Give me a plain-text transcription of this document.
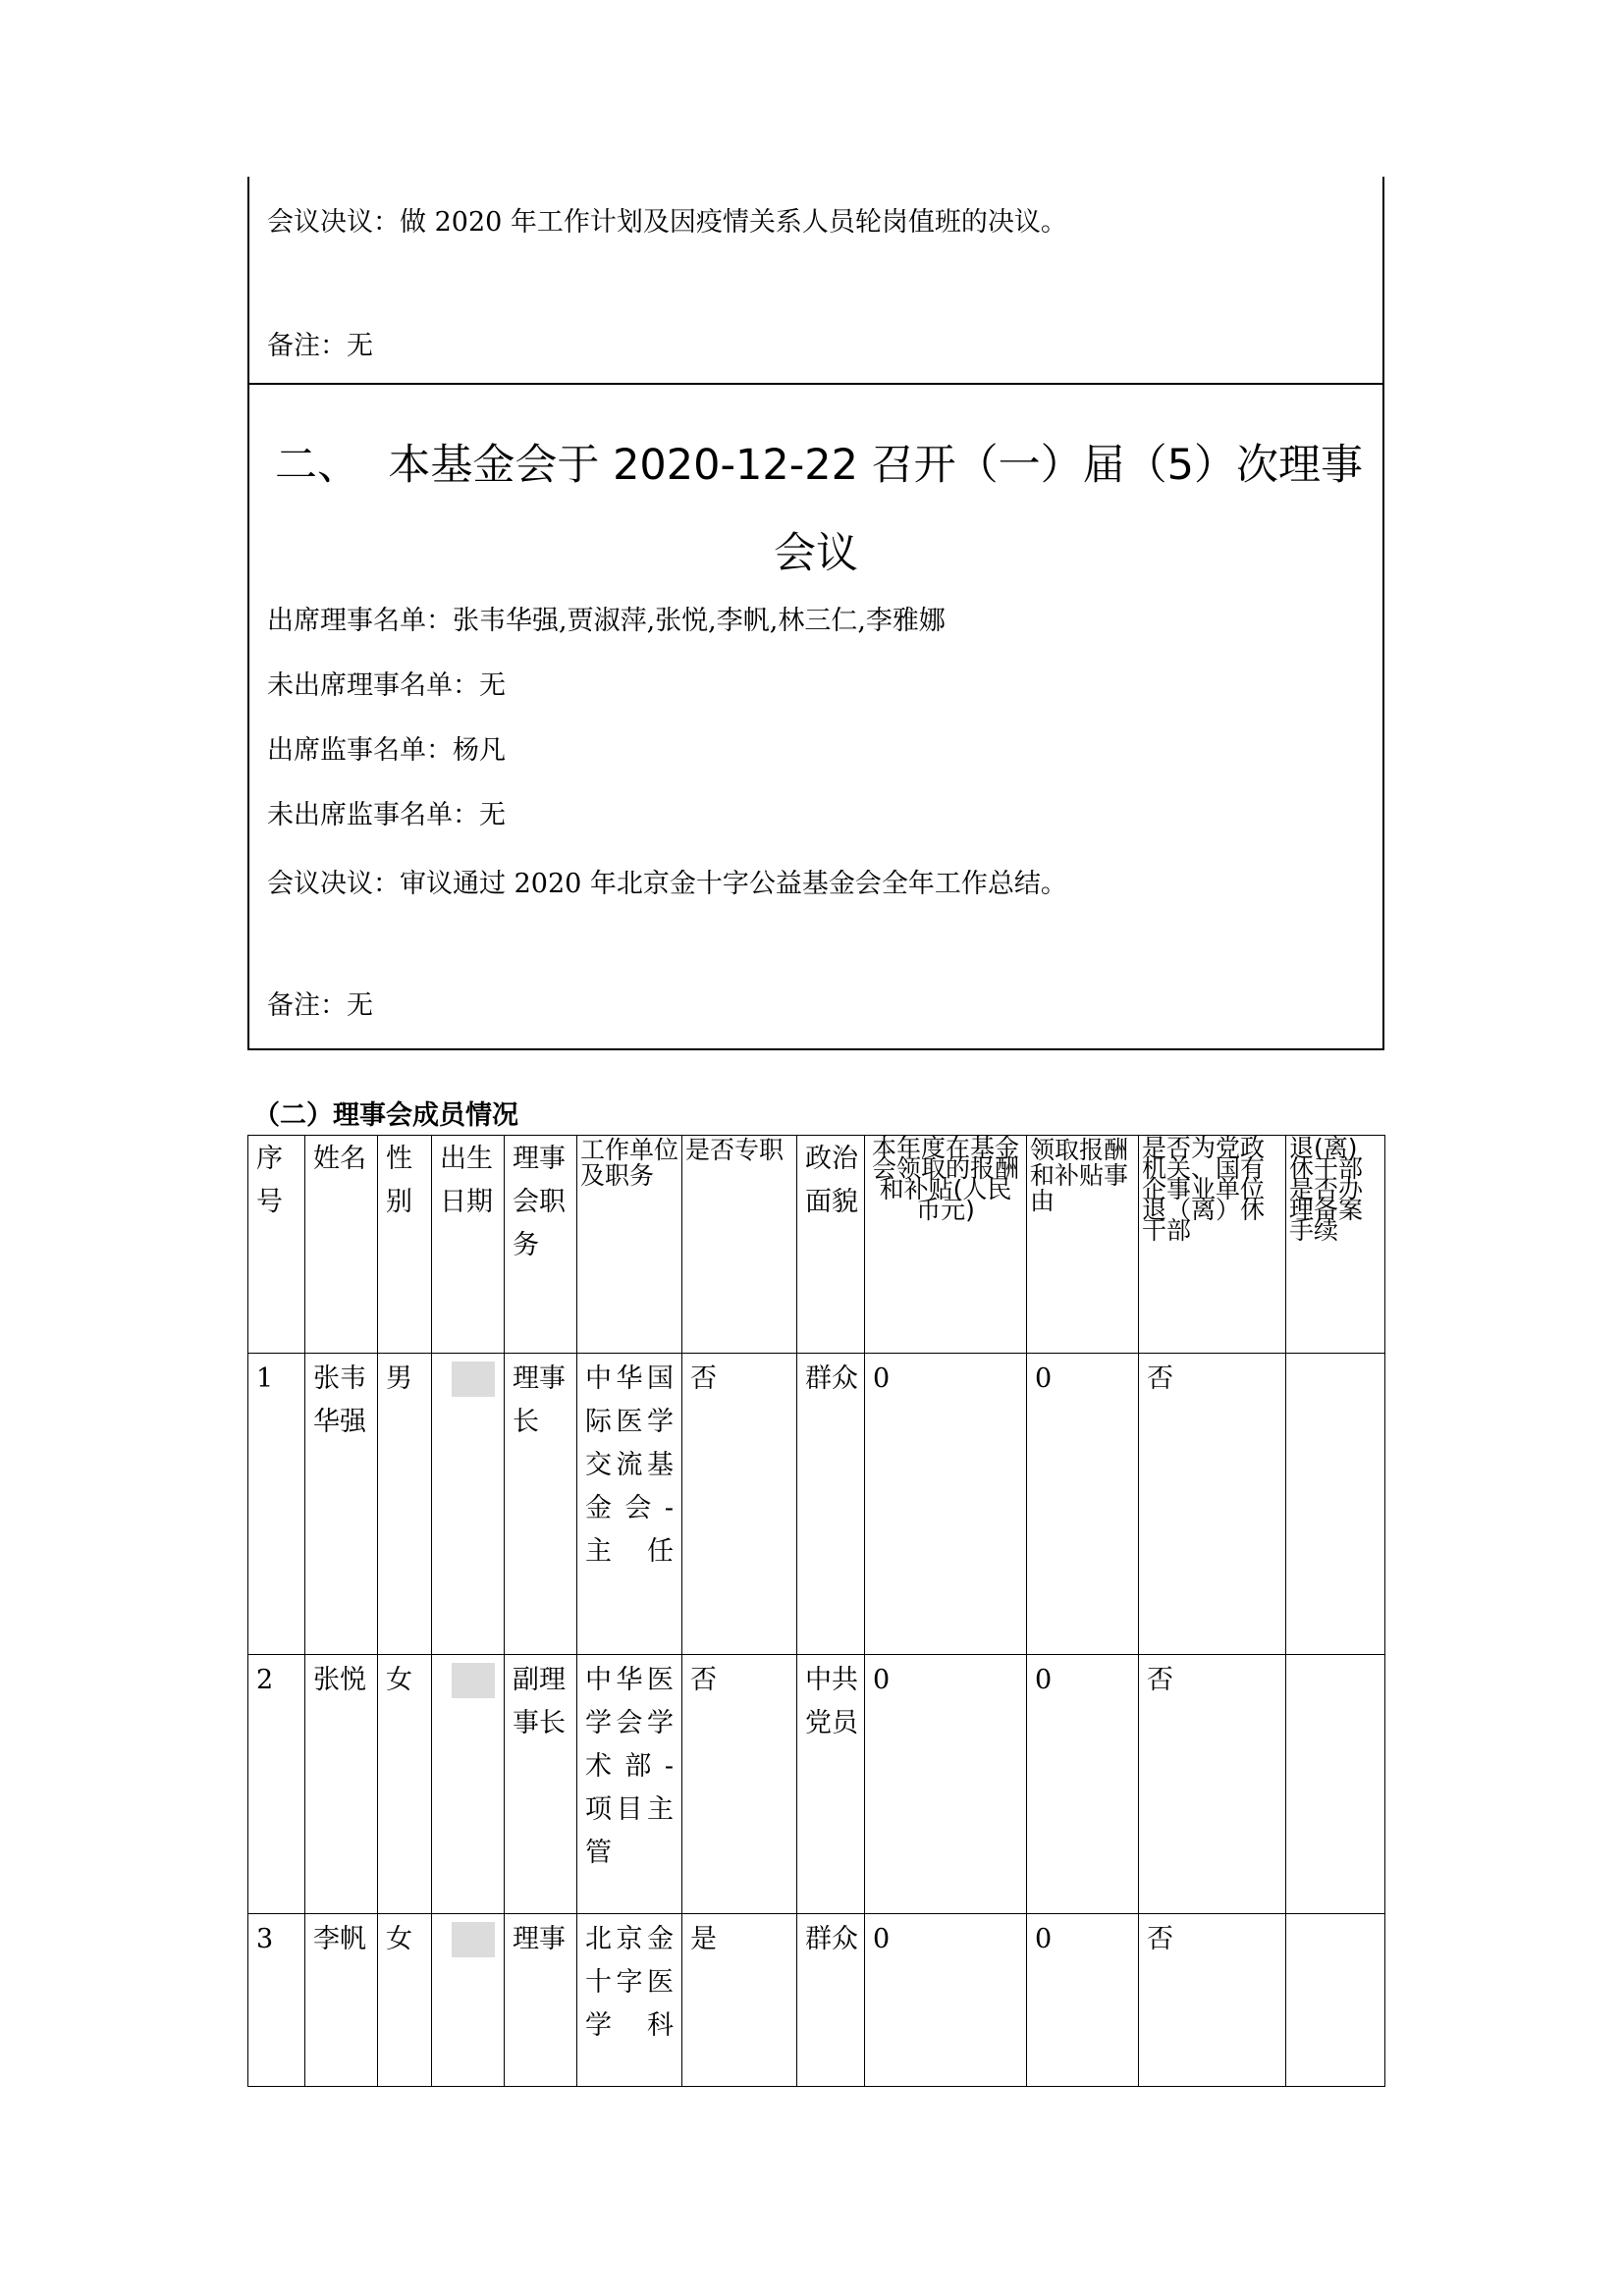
会议决议：做 2020 年工作计划及因疫情关系人员轮岗值班的决议。
备注：无
二、 本基金会于 2020-12-22 召开（一）届（5）次理事
会议
出席理事名单：张韦华强,贾淑萍,张悦,李帆,林三仁,李雅娜
未出席理事名单：无
出席监事名单：杨凡
未出席监事名单：无
会议决议：审议通过 2020 年北京金十字公益基金会全年工作总结。
备注：无
（二）理事会成员情况
序号	姓名	性别	出生日期	理事会职务	工作单位及职务	是否专职	政治面貌	本年度在基金会领取的报酬和补贴(人民币元)	领取报酬和补贴事由	是否为党政机关、国有企事业单位退（离）休干部	退(离)休干部是否办理备案手续
1	张韦华强	男		理事长	中华国际医学交流基金会-主任	否	群众	0	0	否	
2	张悦	女		副理事长	中华医学会学术部-项目主管	否	中共党员	0	0	否	
3	李帆	女		理事	北京金十字医学科	是	群众	0	0	否	
